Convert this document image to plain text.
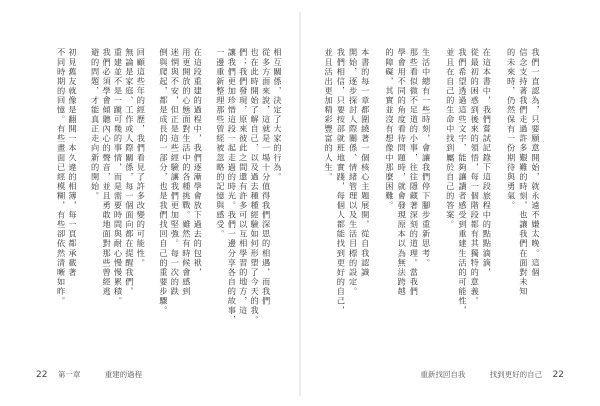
相互關係，決定了大家的行為。
從多方面來說，這就是一場十分值得我們深思的相遇，而我們
也在此時開始了解自己，以及過去種種經驗如何形塑了今天的我。
們；我們發現，原來彼此之間還有許多可以互相學習的地方，這
讓我們更加珍惜這段一起走過的時光。我們一邊分享各自的故事，
一邊重新整理那些曾經被忽略的記憶與感受。
在這段重建的過程中，我們逐漸學會放下過去的包袱，
用更開放的心態面對生活中的各種挑戰。雖然有時候會感到
迷惘與不安，但正是這些經驗讓我們更加堅強。每一次的跌
倒與爬起，都是成長的一部分，也是我們找回自己的重要步驟。
回顧這些年的經歷，我們看見了許多改變的可能性。
無論是家庭、工作或人際關係，每一個面向都在提醒我們，
重建並不是一蹴可幾的事情，而是需要時間與耐心慢慢累積。
我們必須學會傾聽內心的聲音，並且勇敢地面對那些曾經逃
避的問題，才能真正走向新的開始。
初見舊友就像是翻開一本久違的相簿，每一頁都承載著
不同時期的回憶。有些畫面已經模糊，有些卻依然清晰如昨。
22 第一章 　	重建的過程
我們一直認為，只要願意開始，就永遠不嫌太晚。這個
信念支持著我們走過許多艱難的時刻，也讓我們在面對未知
的未來時，仍然保有一份期待與勇氣。
在這本書中，我們嘗試記錄下這段旅程中的點點滴滴，
從最初的困惑到後來的領悟，每一個階段都有其獨特的意義。
我們希望透過這些文字，能夠讓讀者感受到重建生活的可能性，
並且在自己的生命中找到屬於自己的答案。
生活中總有一些時刻，會讓我們停下腳步重新思考。
那些看似微不足道的小事，往往隱藏著深刻的道理。當我們
學會用不同的角度看待問題時，就會發現原本以為無法跨越
的障礙，其實並沒有想像中那麼困難。
本書的每一章都圍繞著一個核心主題展開，從自我認識
開始，逐步探討人際關係、情緒管理以及生活目標的設定。
我們相信，只要按部就班地實踐，每個人都能找到更好的自己，
並且活出更加精彩豐富的人生。
重新找回自我 　	找到更好的自己 22
